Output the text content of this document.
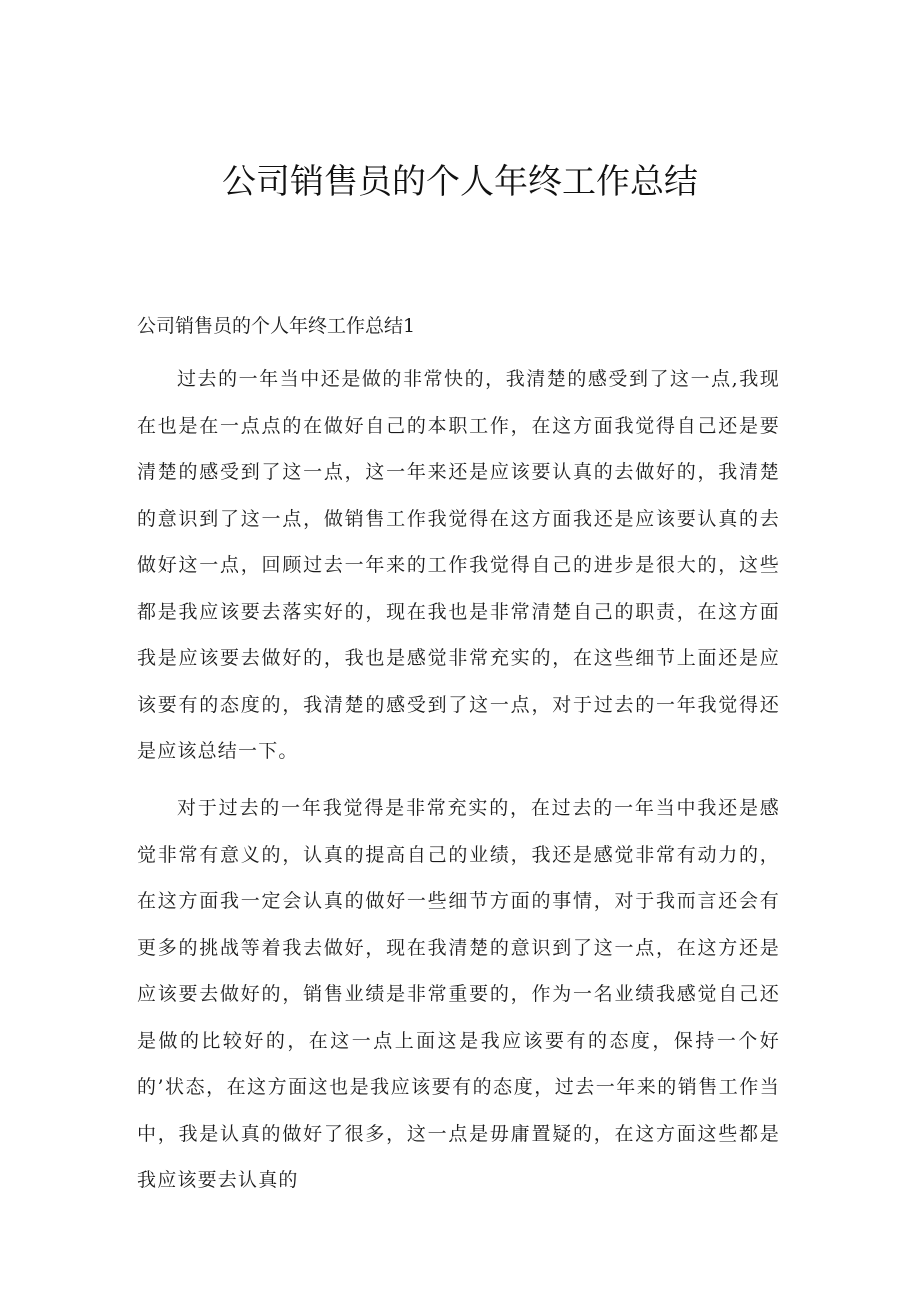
公司销售员的个人年终工作总结

公司销售员的个人年终工作总结1

过去的一年当中还是做的非常快的，我清楚的感受到了这一点,我现在也是在一点点的在做好自己的本职工作，在这方面我觉得自己还是要清楚的感受到了这一点，这一年来还是应该要认真的去做好的，我清楚的意识到了这一点，做销售工作我觉得在这方面我还是应该要认真的去做好这一点，回顾过去一年来的工作我觉得自己的进步是很大的，这些都是我应该要去落实好的，现在我也是非常清楚自己的职责，在这方面我是应该要去做好的，我也是感觉非常充实的，在这些细节上面还是应该要有的态度的，我清楚的感受到了这一点，对于过去的一年我觉得还是应该总结一下。

对于过去的一年我觉得是非常充实的，在过去的一年当中我还是感觉非常有意义的，认真的提高自己的业绩，我还是感觉非常有动力的，在这方面我一定会认真的做好一些细节方面的事情，对于我而言还会有更多的挑战等着我去做好，现在我清楚的意识到了这一点，在这方还是应该要去做好的，销售业绩是非常重要的，作为一名业绩我感觉自己还是做的比较好的，在这一点上面这是我应该要有的态度，保持一个好的’状态，在这方面这也是我应该要有的态度，过去一年来的销售工作当中，我是认真的做好了很多，这一点是毋庸置疑的，在这方面这些都是我应该要去认真的
